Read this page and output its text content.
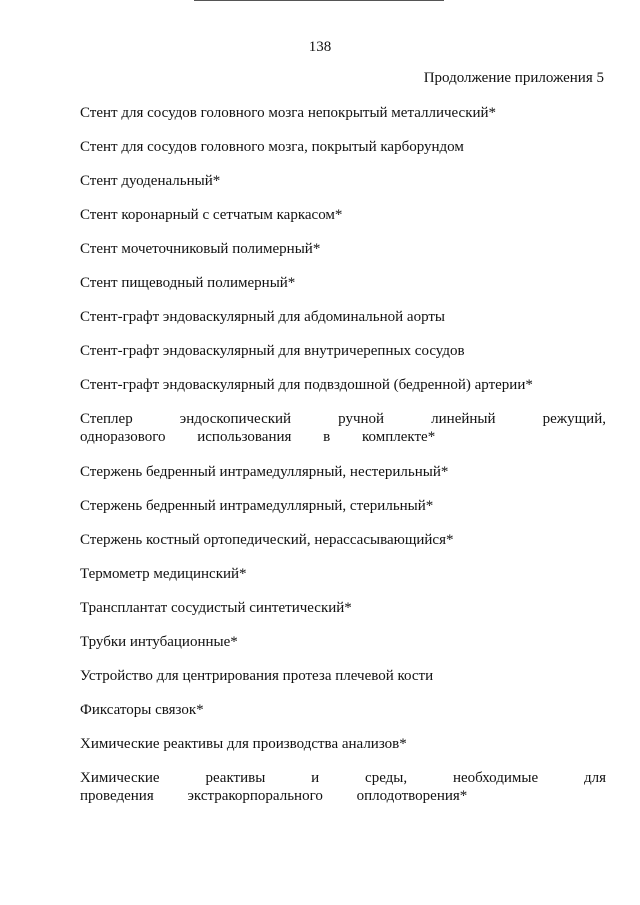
138
Продолжение приложения 5
Стент для сосудов головного мозга непокрытый металлический*
Стент для сосудов головного мозга, покрытый карборундом
Стент дуоденальный*
Стент коронарный с сетчатым каркасом*
Стент мочеточниковый полимерный*
Стент пищеводный полимерный*
Стент-графт эндоваскулярный для абдоминальной аорты
Стент-графт эндоваскулярный для внутричерепных сосудов
Стент-графт эндоваскулярный для подвздошной (бедренной) артерии*
Степлер эндоскопический ручной линейный режущий, одноразового использования в комплекте*
Стержень бедренный интрамедуллярный, нестерильный*
Стержень бедренный интрамедуллярный, стерильный*
Стержень костный ортопедический, нерассасывающийся*
Термометр медицинский*
Трансплантат сосудистый синтетический*
Трубки интубационные*
Устройство для центрирования протеза плечевой кости
Фиксаторы связок*
Химические реактивы для производства анализов*
Химические реактивы и среды, необходимые для проведения экстракорпорального оплодотворения*
